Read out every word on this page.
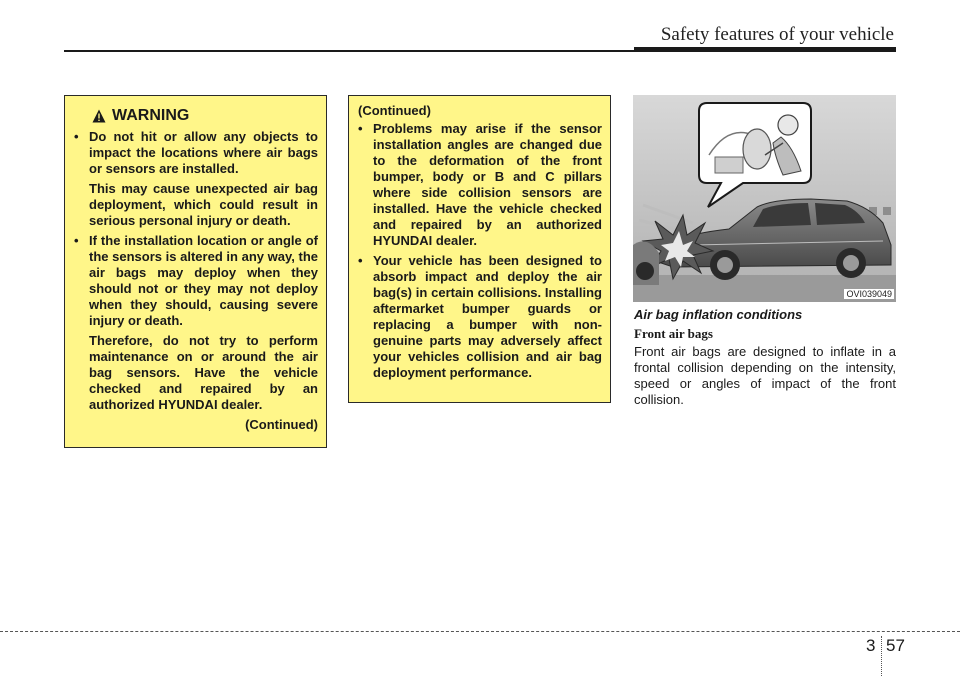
Safety features of your vehicle
WARNING
• Do not hit or allow any objects to impact the locations where air bags or sensors are installed.
This may cause unexpected air bag deployment, which could result in serious personal injury or death.
• If the installation location or angle of the sensors is altered in any way, the air bags may deploy when they should not or they may not deploy when they should, causing severe injury or death.
Therefore, do not try to perform maintenance on or around the air bag sensors. Have the vehicle checked and repaired by an authorized HYUNDAI dealer.
(Continued)
(Continued)
• Problems may arise if the sensor installation angles are changed due to the deformation of the front bumper, body or B and C pillars where side collision sensors are installed. Have the vehicle checked and repaired by an authorized HYUNDAI dealer.
• Your vehicle has been designed to absorb impact and deploy the air bag(s) in certain collisions. Installing aftermarket bumper guards or replacing a bumper with non-genuine parts may adversely affect your vehicles collision and air bag deployment performance.
OVI039049
Air bag inflation conditions
Front air bags
Front air bags are designed to inflate in a frontal collision depending on the intensity, speed or angles of impact of the front collision.
3 57
